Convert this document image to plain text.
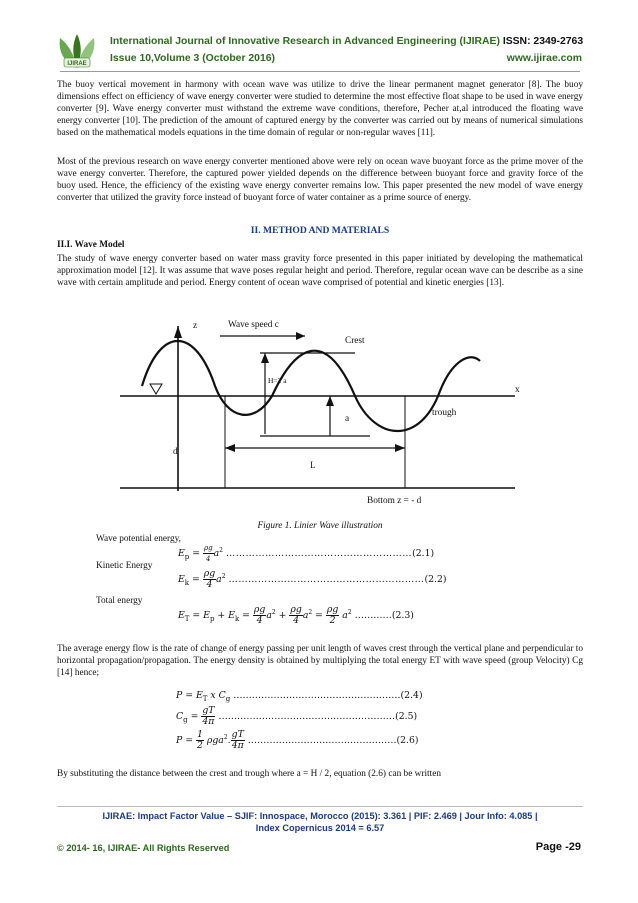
IJIRAE
International Journal of Innovative Research in Advanced Engineering (IJIRAE) ISSN: 2349-2763
Issue 10,Volume 3 (October 2016)	www.ijirae.com
The buoy vertical movement in harmony with ocean wave was utilize to drive the linear permanent magnet generator [8]. The buoy dimensions effect on efficiency of wave energy converter were studied to determine the most effective float shape to be used in wave energy converter [9]. Wave energy converter must withstand the extreme wave conditions, therefore, Pecher at,al introduced the floating wave energy converter [10]. The prediction of the amount of captured energy by the converter was carried out by means of numerical simulations based on the mathematical models equations in the time domain of regular or non-regular waves [11].
Most of the previous research on wave energy converter mentioned above were rely on ocean wave buoyant force as the prime mover of the wave energy converter. Therefore, the captured power yielded depends on the difference between buoyant force and gravity force of the buoy used. Hence, the efficiency of the existing wave energy converter remains low. This paper presented the new model of wave energy converter that utilized the gravity force instead of buoyant force of water container as a prime source of energy.
II. METHOD AND MATERIALS
II.I. Wave Model
The study of wave energy converter based on water mass gravity force presented in this paper initiated by developing the mathematical approximation model [12]. It was assume that wave poses regular height and period. Therefore, regular ocean wave can be describe as a sine wave with certain amplitude and period. Energy content of ocean wave comprised of potential and kinetic energies [13].
z	Wave speed c
Crest
H=2 a
x
a
trough
d
L
Bottom z = - d
Figure 1. Linier Wave illustration
Wave potential energy,
$E_p = \frac{\rho g}{4} a^2$ …………………………………………………(2.1)
Kinetic Energy
$E_k = \frac{\rho g}{4} a^2$ ……………………………………………………(2.2)
Total energy
$E_T = E_p + E_k = \frac{\rho g}{4} a^2 + \frac{\rho g}{4} a^2 = \frac{\rho g}{2} a^2$ …………(2.3)
The average energy flow is the rate of change of energy passing per unit length of waves crest through the vertical plane and perpendicular to horizontal propagation/propagation. The energy density is obtained by multiplying the total energy ET with wave speed (group Velocity) Cg [14] hence;
$P = E_T$ x $C_g$ ………………………………………………(2.4)
$C_g = \frac{gT}{4\pi}$ …………………………………………………(2.5)
$P = \frac{1}{2} \rho ga^2$. $\frac{gT}{4\pi}$ …………………………………………(2.6)
By substituting the distance between the crest and trough where a = H / 2, equation (2.6) can be written
IJIRAE: Impact Factor Value – SJIF: Innospace, Morocco (2015): 3.361 | PIF: 2.469 | Jour Info: 4.085 |
Index Copernicus 2014 = 6.57
© 2014- 16, IJIRAE- All Rights Reserved	Page -29
